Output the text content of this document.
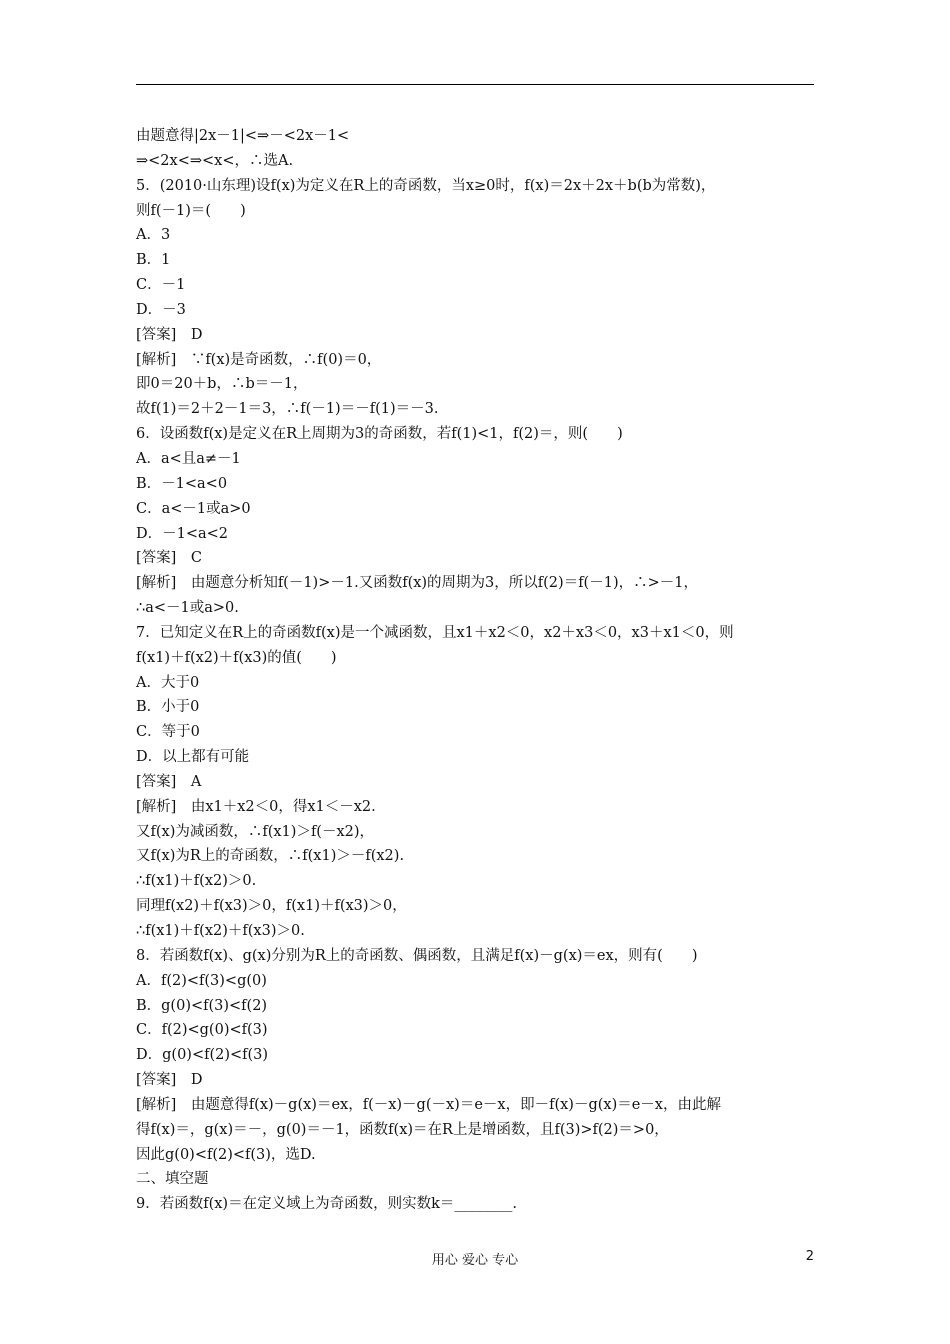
由题意得|2x－1|<⇒－<2x－1<
⇒<2x<⇒<x<，∴选A.
5．(2010·山东理)设f(x)为定义在R上的奇函数，当x≥0时，f(x)＝2x＋2x＋b(b为常数)，
则f(－1)＝(　　)
A．3
B．1
C．－1
D．－3
[答案]　D
[解析]　∵f(x)是奇函数，∴f(0)＝0，
即0＝20＋b，∴b＝－1，
故f(1)＝2＋2－1＝3，∴f(－1)＝－f(1)＝－3.
6．设函数f(x)是定义在R上周期为3的奇函数，若f(1)<1，f(2)＝，则(　　)
A．a<且a≠－1
B．－1<a<0
C．a<－1或a>0
D．－1<a<2
[答案]　C
[解析]　由题意分析知f(－1)>－1.又函数f(x)的周期为3，所以f(2)＝f(－1)，∴>－1，
∴a<－1或a>0.
7．已知定义在R上的奇函数f(x)是一个减函数，且x1＋x2＜0，x2＋x3＜0，x3＋x1＜0，则
f(x1)＋f(x2)＋f(x3)的值(　　)
A．大于0
B．小于0
C．等于0
D．以上都有可能
[答案]　A
[解析]　由x1＋x2＜0，得x1＜－x2.
又f(x)为减函数，∴f(x1)＞f(－x2)，
又f(x)为R上的奇函数，∴f(x1)＞－f(x2).
∴f(x1)＋f(x2)＞0.
同理f(x2)＋f(x3)＞0，f(x1)＋f(x3)＞0，
∴f(x1)＋f(x2)＋f(x3)＞0.
8．若函数f(x)、g(x)分别为R上的奇函数、偶函数，且满足f(x)－g(x)＝ex，则有(　　)
A．f(2)<f(3)<g(0)
B．g(0)<f(3)<f(2)
C．f(2)<g(0)<f(3)
D．g(0)<f(2)<f(3)
[答案]　D
[解析]　由题意得f(x)－g(x)＝ex，f(－x)－g(－x)＝e－x，即－f(x)－g(x)＝e－x，由此解
得f(x)＝，g(x)＝－，g(0)＝－1，函数f(x)＝在R上是增函数，且f(3)>f(2)＝>0，
因此g(0)<f(2)<f(3)，选D.
二、填空题
9．若函数f(x)＝在定义域上为奇函数，则实数k＝________.
用心 爱心 专心	2
